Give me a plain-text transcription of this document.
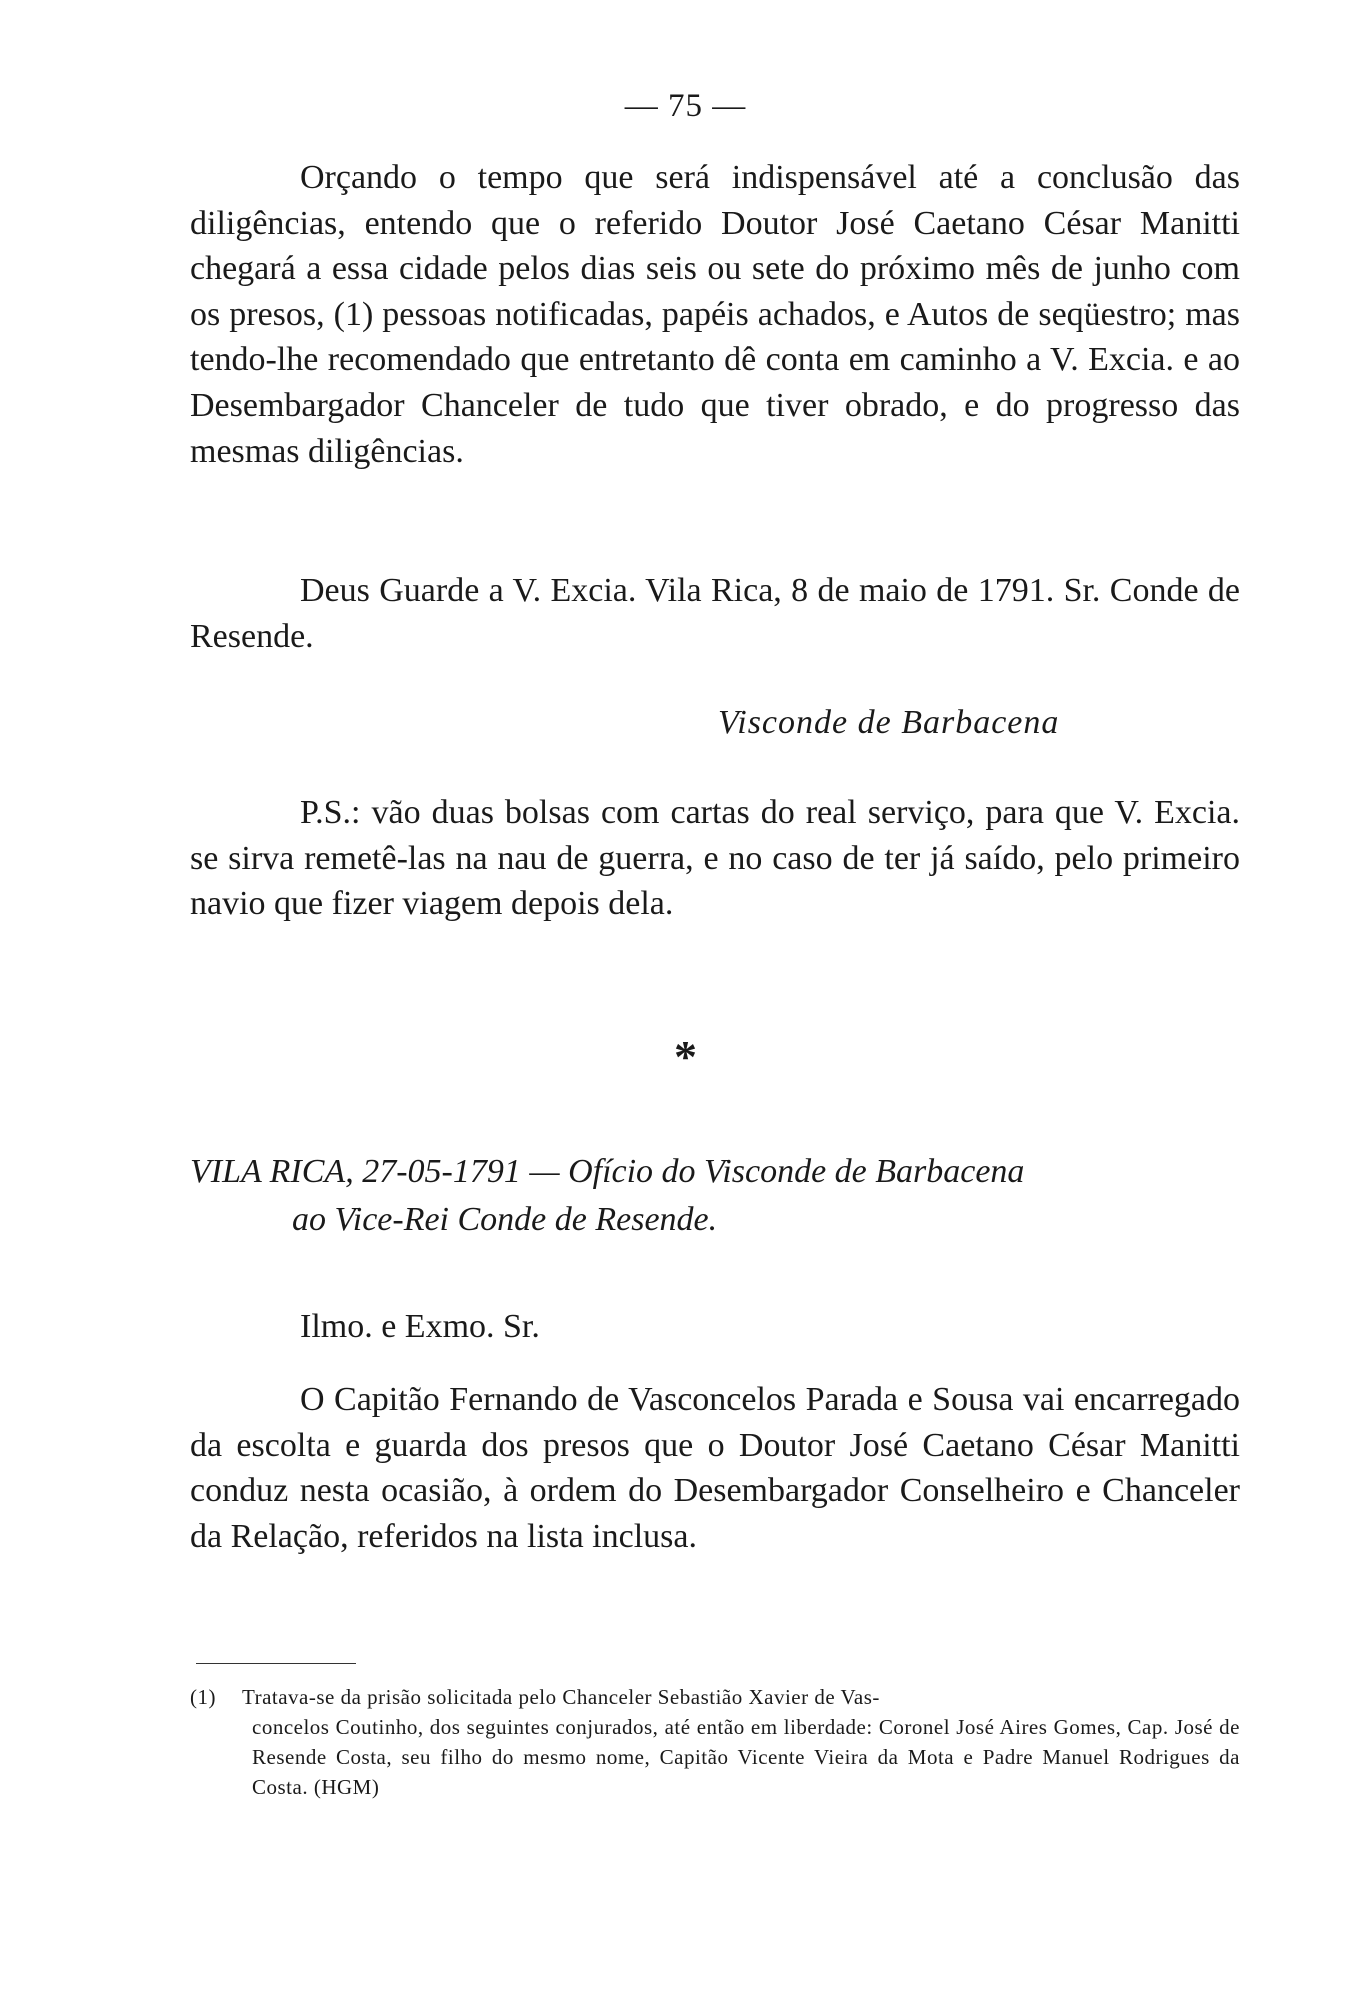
— 75 —

Orçando o tempo que será indispensável até a conclusão das diligências, entendo que o referido Doutor José Caetano César Manitti chegará a essa cidade pelos dias seis ou sete do próximo mês de junho com os presos, (1) pessoas notificadas, papéis achados, e Autos de seqüestro; mas tendo-lhe recomendado que entretanto dê conta em caminho a V. Excia. e ao Desembargador Chanceler de tudo que tiver obrado, e do progresso das mesmas diligências.

Deus Guarde a V. Excia. Vila Rica, 8 de maio de 1791. Sr. Conde de Resende.

Visconde de Barbacena

P.S.: vão duas bolsas com cartas do real serviço, para que V. Excia. se sirva remetê-las na nau de guerra, e no caso de ter já saído, pelo primeiro navio que fizer viagem depois dela.

*
VILA RICA, 27-05-1791 — Ofício do Visconde de Barbacena
ao Vice-Rei Conde de Resende.
Ilmo. e Exmo. Sr.

O Capitão Fernando de Vasconcelos Parada e Sousa vai encarregado da escolta e guarda dos presos que o Doutor José Caetano César Manitti conduz nesta ocasião, à ordem do Desembargador Conselheiro e Chanceler da Relação, referidos na lista inclusa.

(1) Tratava-se da prisão solicitada pelo Chanceler Sebastião Xavier de Vas-
concelos Coutinho, dos seguintes conjurados, até então em liberdade: Coronel José Aires Gomes, Cap. José de Resende Costa, seu filho do mesmo nome, Capitão Vicente Vieira da Mota e Padre Manuel Rodrigues da Costa. (HGM)
